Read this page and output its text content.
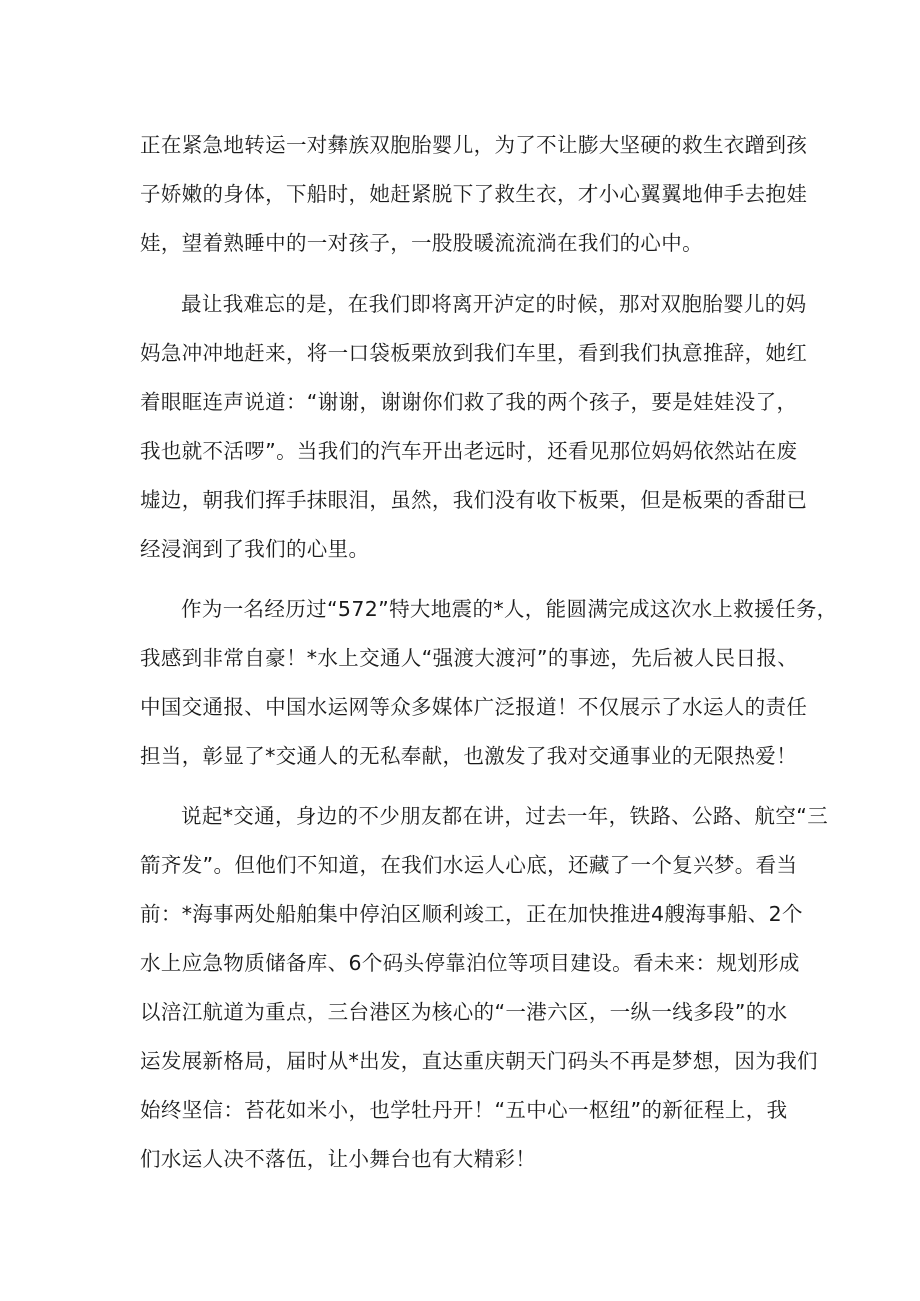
正在紧急地转运一对彝族双胞胎婴儿，为了不让膨大坚硬的救生衣蹭到孩

子娇嫩的身体，下船时，她赶紧脱下了救生衣，才小心翼翼地伸手去抱娃

娃，望着熟睡中的一对孩子，一股股暖流流淌在我们的心中。

最让我难忘的是，在我们即将离开泸定的时候，那对双胞胎婴儿的妈

妈急冲冲地赶来，将一口袋板栗放到我们车里，看到我们执意推辞，她红

着眼眶连声说道：“谢谢，谢谢你们救了我的两个孩子，要是娃娃没了，

我也就不活啰”。当我们的汽车开出老远时，还看见那位妈妈依然站在废

墟边，朝我们挥手抹眼泪，虽然，我们没有收下板栗，但是板栗的香甜已

经浸润到了我们的心里。

作为一名经历过“572”特大地震的*人，能圆满完成这次水上救援任务，

我感到非常自豪！*水上交通人“强渡大渡河”的事迹，先后被人民日报、

中国交通报、中国水运网等众多媒体广泛报道！不仅展示了水运人的责任

担当，彰显了*交通人的无私奉献，也激发了我对交通事业的无限热爱！

说起*交通，身边的不少朋友都在讲，过去一年，铁路、公路、航空“三

箭齐发”。但他们不知道，在我们水运人心底，还藏了一个复兴梦。看当

前：*海事两处船舶集中停泊区顺利竣工，正在加快推进4艘海事船、2个

水上应急物质储备库、6个码头停靠泊位等项目建设。看未来：规划形成

以涪江航道为重点，三台港区为核心的“一港六区，一纵一线多段”的水

运发展新格局，届时从*出发，直达重庆朝天门码头不再是梦想，因为我们

始终坚信：苔花如米小，也学牡丹开！“五中心一枢纽”的新征程上，我

们水运人决不落伍，让小舞台也有大精彩！
